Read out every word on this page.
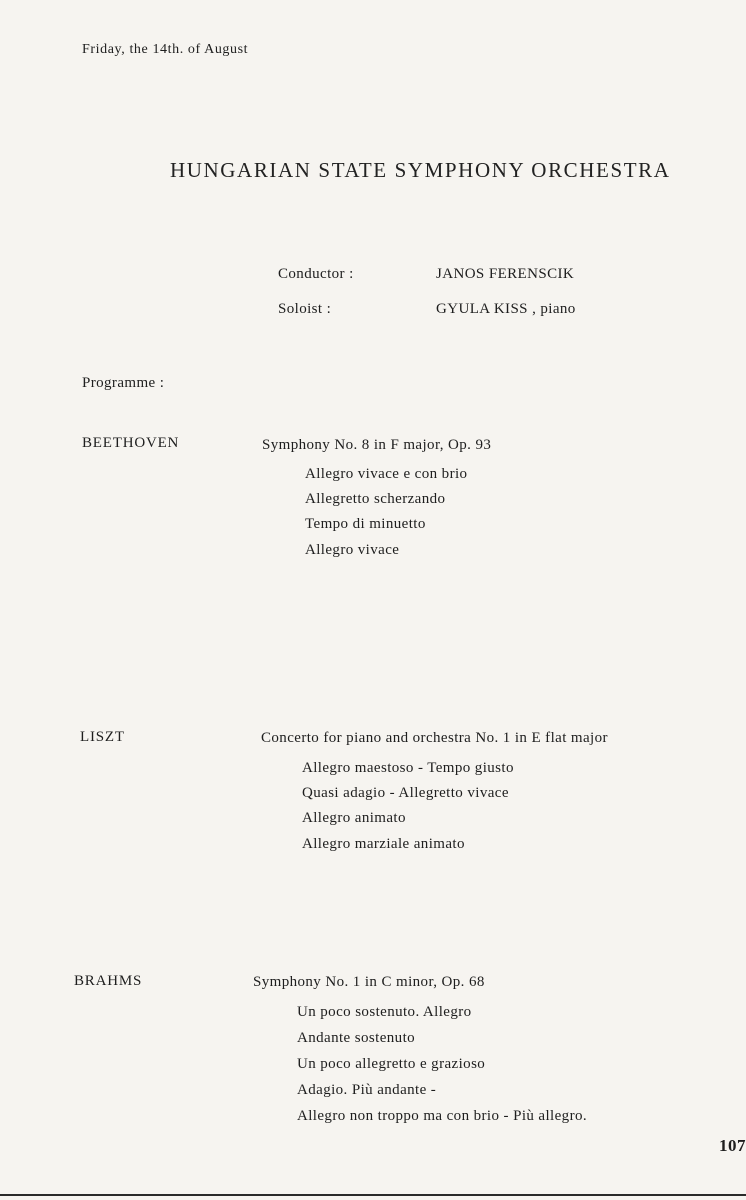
Friday, the 14th. of August
HUNGARIAN STATE SYMPHONY ORCHESTRA
Conductor :	JANOS FERENSCIK
Soloist :	GYULA KISS , piano
Programme :
BEETHOVEN	Symphony No. 8 in F major, Op. 93
Allegro vivace e con brio
Allegretto scherzando
Tempo di minuetto
Allegro vivace
LISZT	Concerto for piano and orchestra No. 1 in E flat major
Allegro maestoso - Tempo giusto
Quasi adagio - Allegretto vivace
Allegro animato
Allegro marziale animato
BRAHMS	Symphony No. 1 in C minor, Op. 68
Un poco sostenuto. Allegro
Andante sostenuto
Un poco allegretto e grazioso
Adagio. Più andante -
Allegro non troppo ma con brio - Più allegro.
107
